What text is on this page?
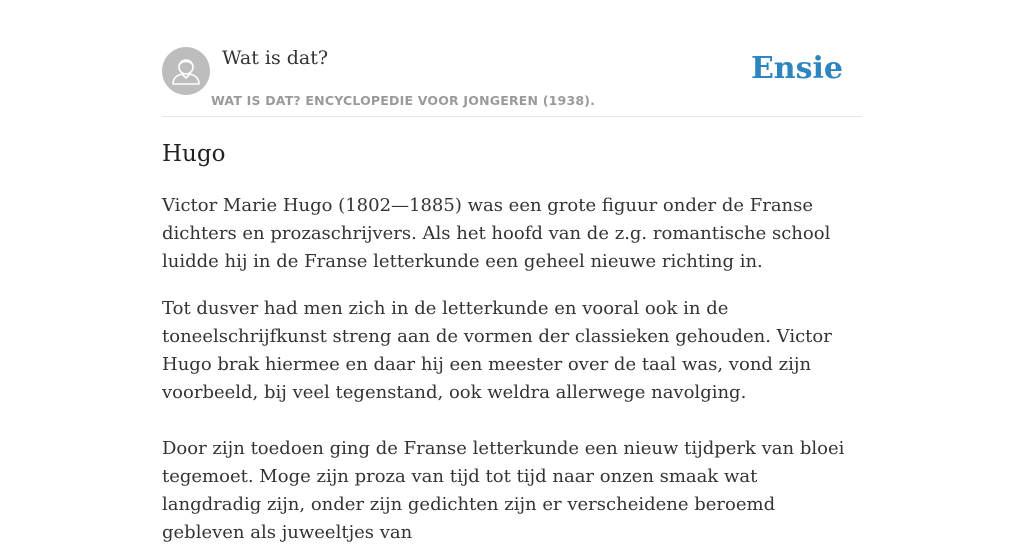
Wat is dat?
WAT IS DAT? ENCYCLOPEDIE VOOR JONGEREN (1938).
Ensie
Hugo

Victor Marie Hugo (1802—1885) was een grote figuur onder de Franse dichters en prozaschrijvers. Als het hoofd van de z.g. romantische school luidde hij in de Franse letterkunde een geheel nieuwe richting in.

Tot dusver had men zich in de letterkunde en vooral ook in de toneelschrijfkunst streng aan de vormen der classieken gehouden. Victor Hugo brak hiermee en daar hij een meester over de taal was, vond zijn voorbeeld, bij veel tegenstand, ook weldra allerwege navolging.

Door zijn toedoen ging de Franse letterkunde een nieuw tijdperk van bloei tegemoet. Moge zijn proza van tijd tot tijd naar onzen smaak wat langdradig zijn, onder zijn gedichten zijn er verscheidene beroemd gebleven als juweeltjes van
